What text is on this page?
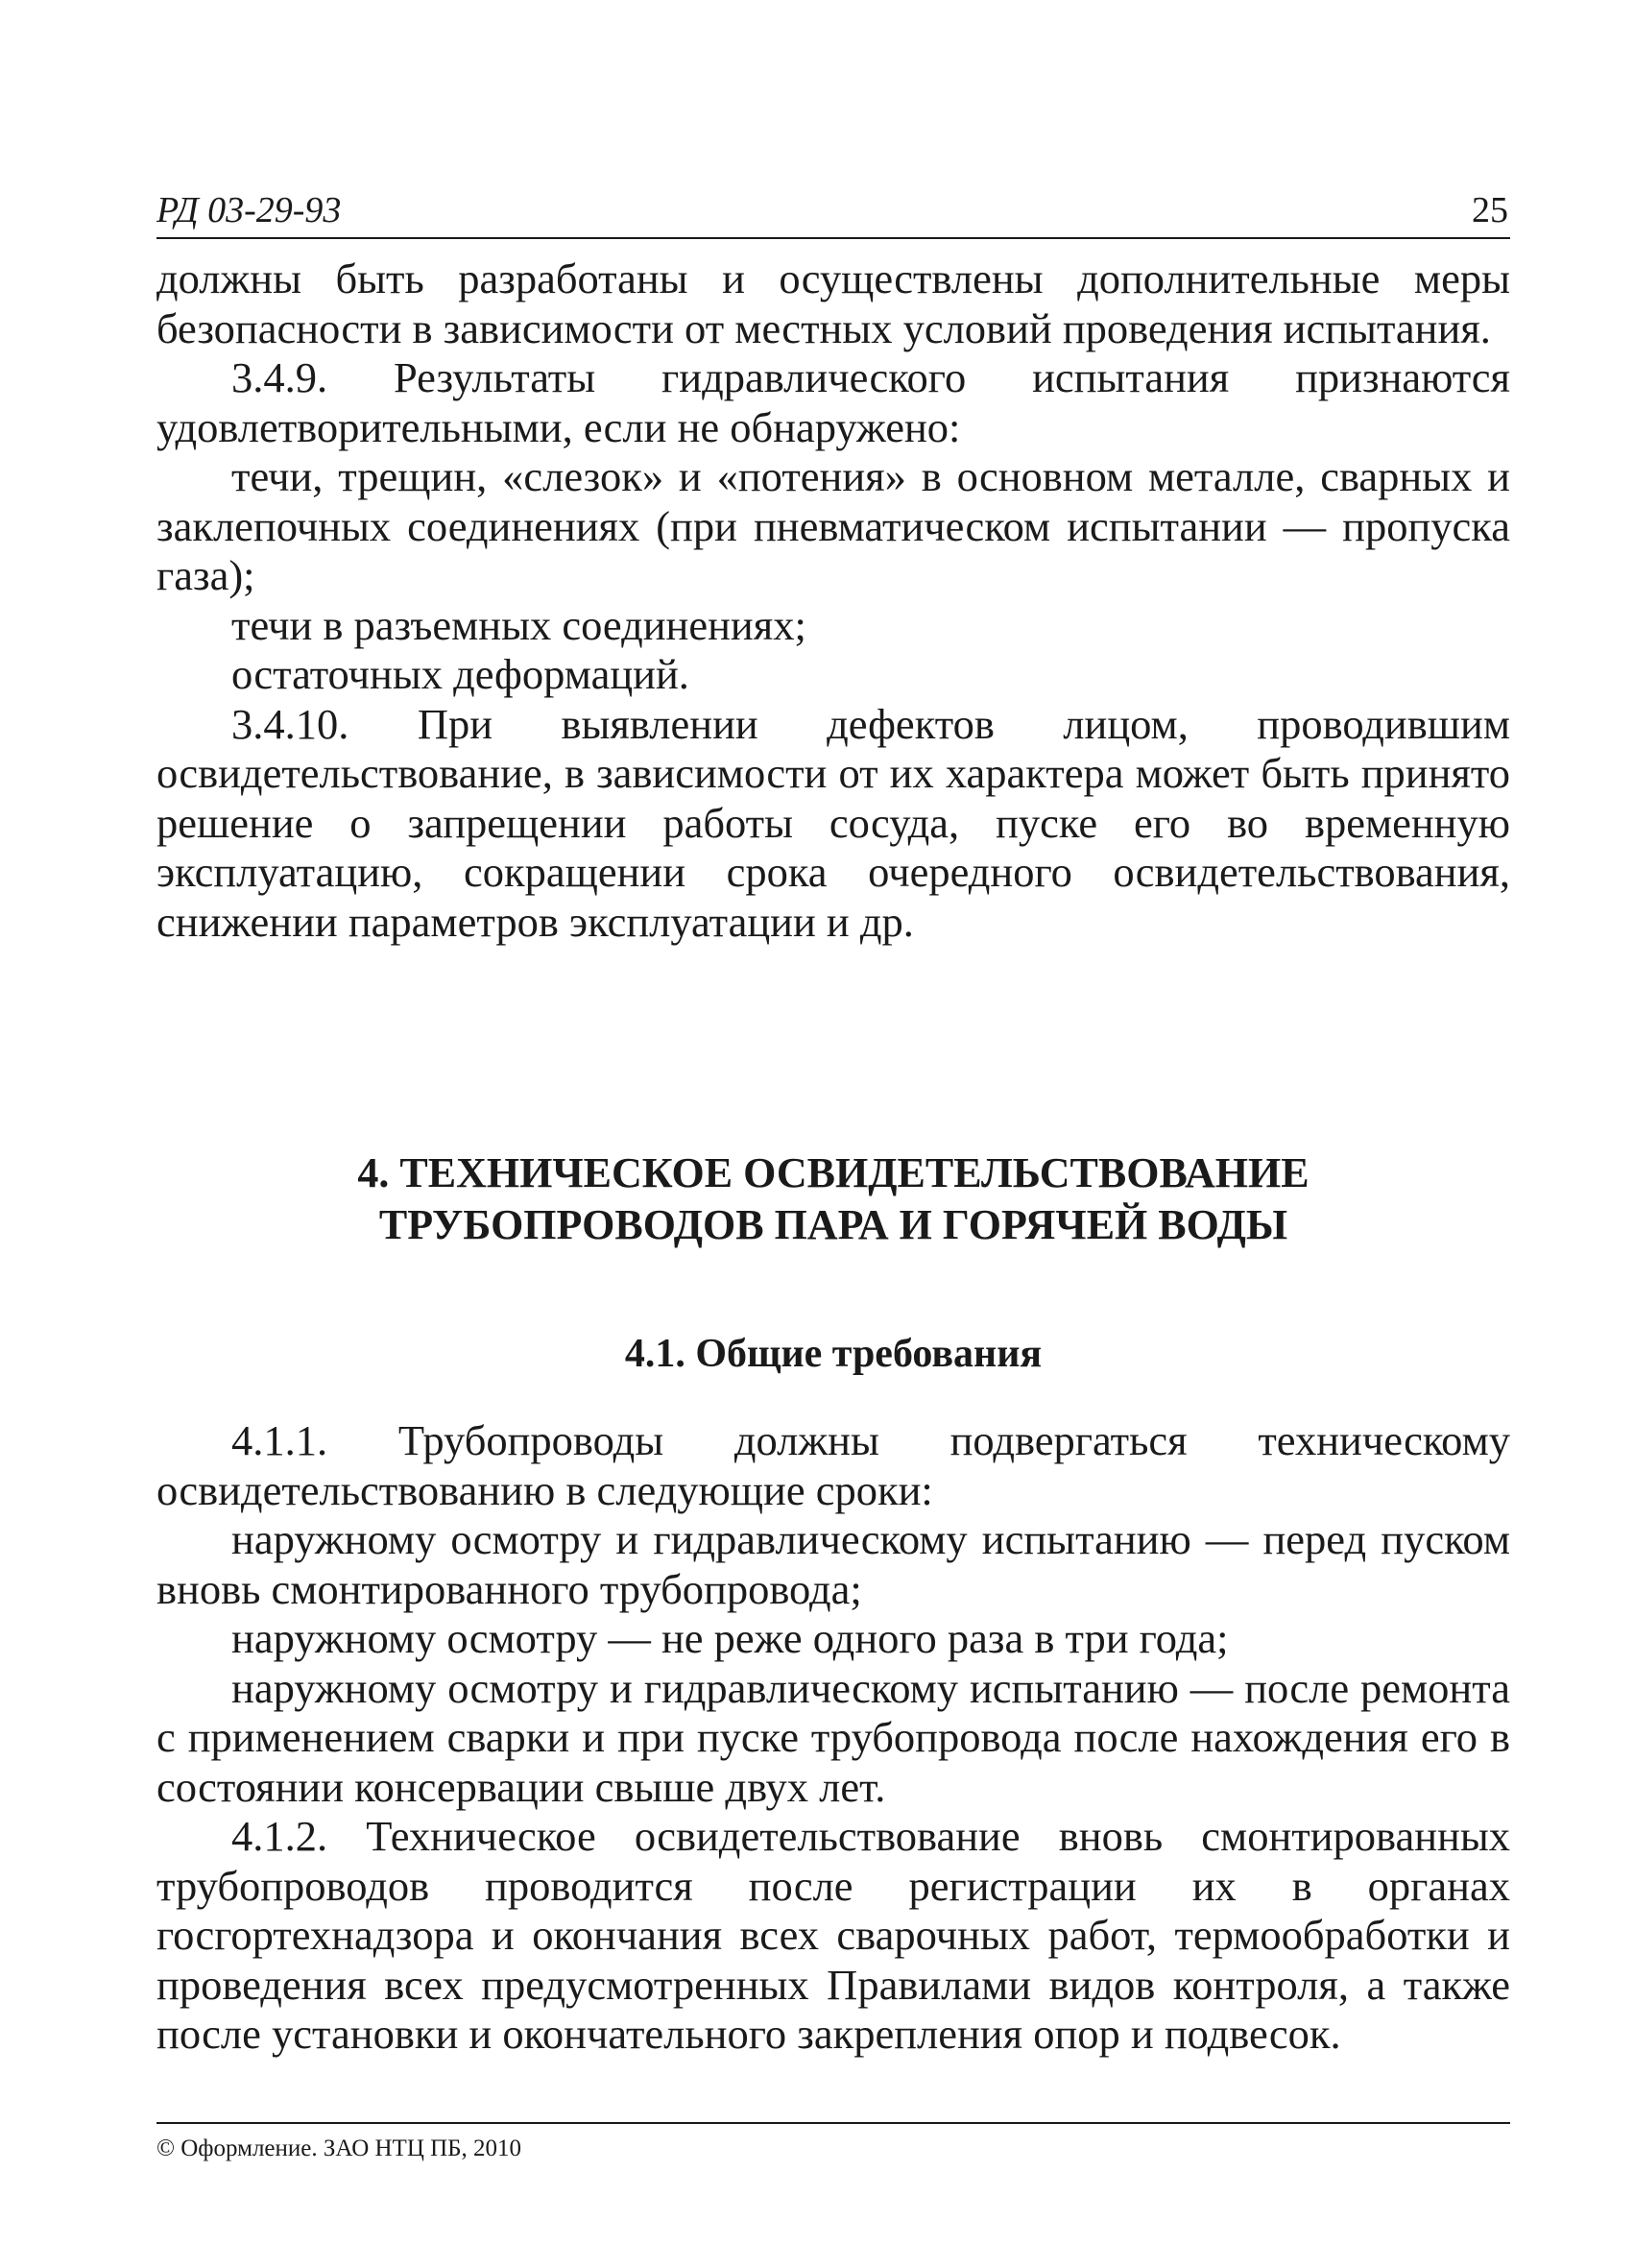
РД 03-29-93	25

должны быть разработаны и осуществлены дополнительные меры безопасности в зависимости от местных условий проведения испытания.

3.4.9. Результаты гидравлического испытания признаются удовлетворительными, если не обнаружено:

течи, трещин, «слезок» и «потения» в основном металле, сварных и заклепочных соединениях (при пневматическом испытании — пропуска газа);

течи в разъемных соединениях;

остаточных деформаций.

3.4.10. При выявлении дефектов лицом, проводившим освидетельствование, в зависимости от их характера может быть принято решение о запрещении работы сосуда, пуске его во временную эксплуатацию, сокращении срока очередного освидетельствования, снижении параметров эксплуатации и др.

4. ТЕХНИЧЕСКОЕ ОСВИДЕТЕЛЬСТВОВАНИЕ
ТРУБОПРОВОДОВ ПАРА И ГОРЯЧЕЙ ВОДЫ
4.1. Общие требования

4.1.1. Трубопроводы должны подвергаться техническому освидетельствованию в следующие сроки:

наружному осмотру и гидравлическому испытанию — перед пуском вновь смонтированного трубопровода;

наружному осмотру — не реже одного раза в три года;

наружному осмотру и гидравлическому испытанию — после ремонта с применением сварки и при пуске трубопровода после нахождения его в состоянии консервации свыше двух лет.

4.1.2. Техническое освидетельствование вновь смонтированных трубопроводов проводится после регистрации их в органах госгортехнадзора и окончания всех сварочных работ, термообработки и проведения всех предусмотренных Правилами видов контроля, а также после установки и окончательного закрепления опор и подвесок.

© Оформление. ЗАО НТЦ ПБ, 2010
